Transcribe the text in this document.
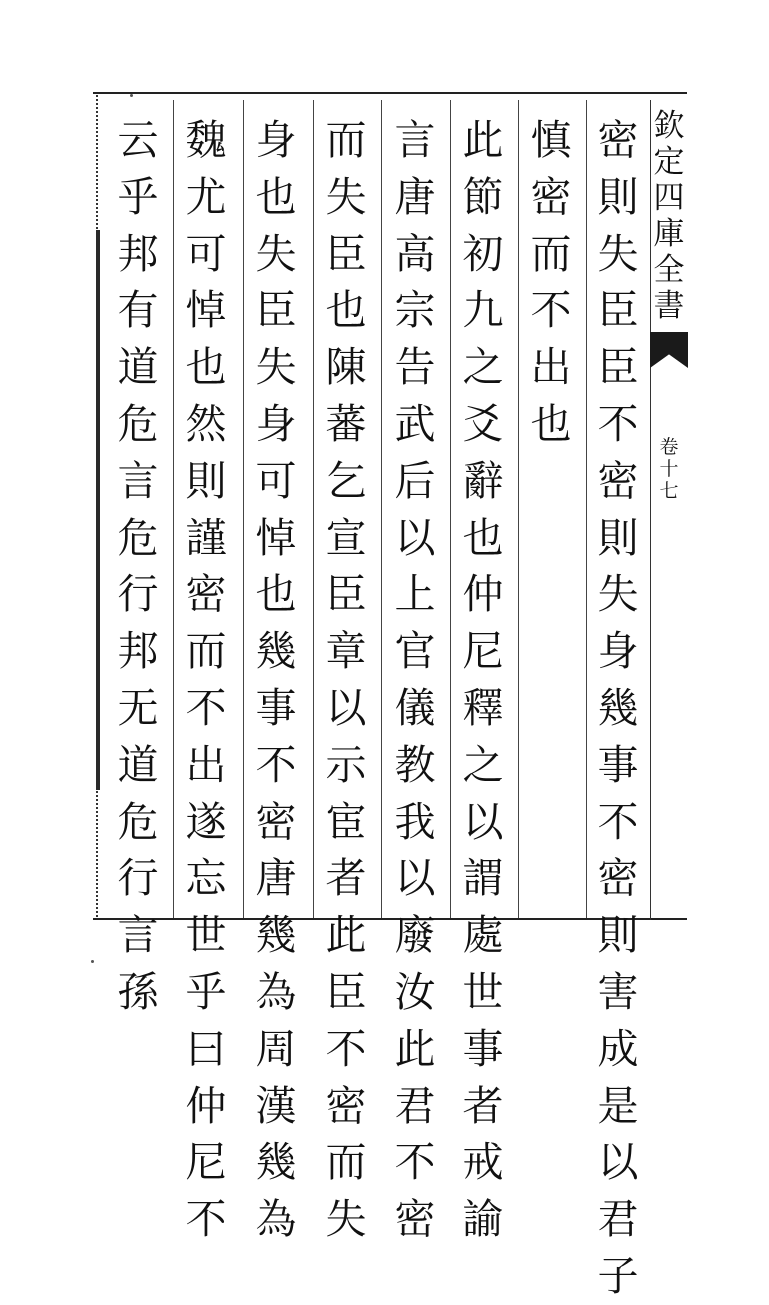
欽
定
四
庫
全
書
卷
十
七
密
則
失
臣
臣
不
密
則
失
身
幾
事
不
密
則
害
成
是
以
君
子
慎
密
而
不
出
也
此
節
初
九
之
爻
辭
也
仲
尼
釋
之
以
謂
處
世
事
者
戒
諭
言
唐
高
宗
告
武
后
以
上
官
儀
教
我
以
廢
汝
此
君
不
密
而
失
臣
也
陳
蕃
乞
宣
臣
章
以
示
宦
者
此
臣
不
密
而
失
身
也
失
臣
失
身
可
悼
也
幾
事
不
密
唐
幾
為
周
漢
幾
為
魏
尤
可
悼
也
然
則
謹
密
而
不
出
遂
忘
世
乎
曰
仲
尼
不
云
乎
邦
有
道
危
言
危
行
邦
无
道
危
行
言
孫
